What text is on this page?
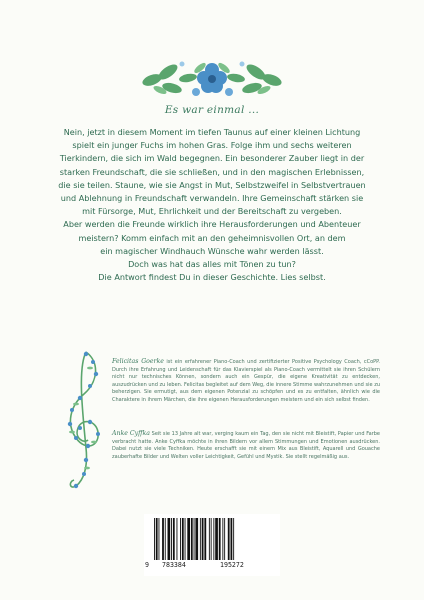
Es war einmal ...
Nein, jetzt in diesem Moment im tiefen Taunus auf einer kleinen Lichtung
spielt ein junger Fuchs im hohen Gras. Folge ihm und sechs weiteren
Tierkindern, die sich im Wald begegnen. Ein besonderer Zauber liegt in der
starken Freundschaft, die sie schließen, und in den magischen Erlebnissen,
die sie teilen. Staune, wie sie Angst in Mut, Selbstzweifel in Selbstvertrauen
und Ablehnung in Freundschaft verwandeln. Ihre Gemeinschaft stärken sie
mit Fürsorge, Mut, Ehrlichkeit und der Bereitschaft zu vergeben.
Aber werden die Freunde wirklich ihre Herausforderungen und Abenteuer
meistern? Komm einfach mit an den geheimnisvollen Ort, an dem
ein magischer Windhauch Wünsche wahr werden lässt.
Doch was hat das alles mit Tönen zu tun?
Die Antwort findest Du in dieser Geschichte. Lies selbst.
Felicitas Goerke ist ein erfahrener Piano-Coach und zertifizierter Positive Psychology Coach, cCoPP. Durch ihre Erfahrung und Leidenschaft für das Klavierspiel als Piano-Coach vermittelt sie ihren Schülern nicht nur technisches Können, sondern auch ein Gespür, die eigene Kreativität zu entdecken, auszudrücken und zu leben. Felicitas begleitet auf dem Weg, die innere Stimme wahrzunehmen und sie zu beherzigen. Sie ermutigt, aus dem eigenen Potenzial zu schöpfen und es zu entfalten, ähnlich wie die Charaktere in ihrem Märchen, die ihre eigenen Herausforderungen meistern und ein sich selbst finden.
Anke Cyffka Seit sie 13 Jahre alt war, verging kaum ein Tag, den sie nicht mit Bleistift, Papier und Farbe verbracht hatte. Anke Cyffka möchte in ihren Bildern vor allem Stimmungen und Emotionen ausdrücken. Dabei nutzt sie viele Techniken. Heute erschafft sie mit einem Mix aus Bleistift, Aquarell und Gouache zauberhafte Bilder und Welten voller Leichtigkeit, Gefühl und Mystik. Sie stellt regelmäßig aus.
9 783384	195272
